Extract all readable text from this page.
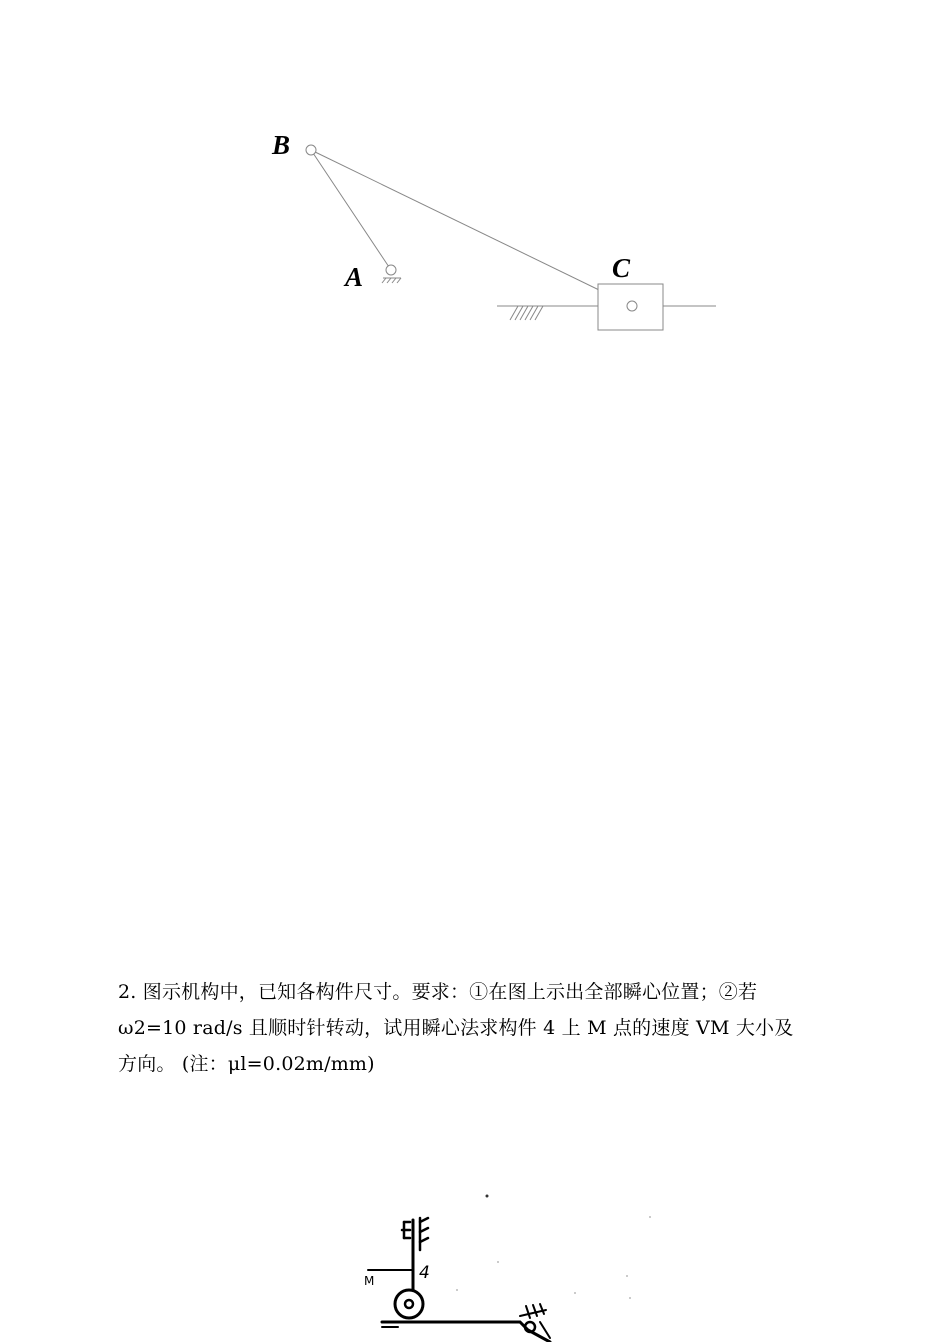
B
A	C
2. 图示机构中，已知各构件尺寸。要求：①在图上示出全部瞬心位置；②若
ω2=10 rad/s 且顺时针转动，试用瞬心法求构件 4 上 M 点的速度 VM 大小及
方向。 (注：μl=0.02m/mm)
M	4
